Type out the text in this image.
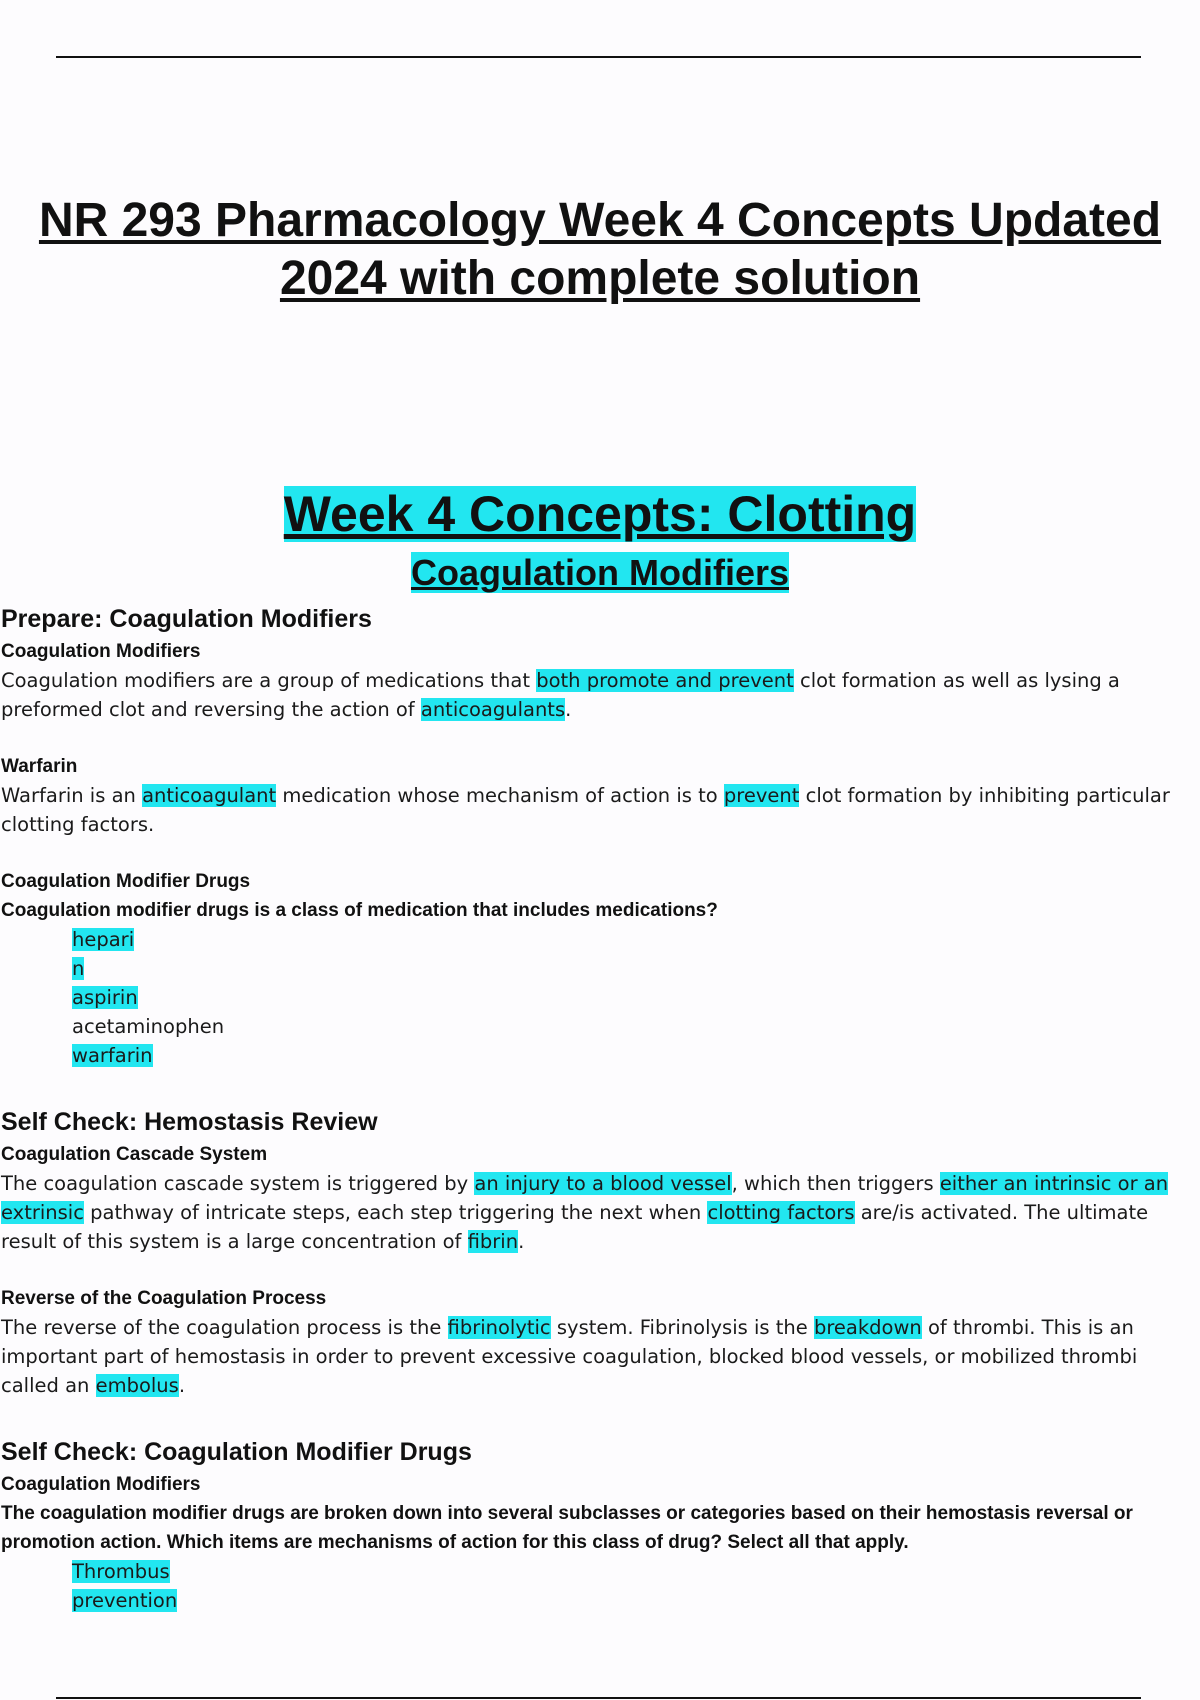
NR 293 Pharmacology Week 4 Concepts Updated
2024 with complete solution
Week 4 Concepts: Clotting
Coagulation Modifiers

Prepare: Coagulation Modifiers

Coagulation Modifiers

Coagulation modifiers are a group of medications that both promote and prevent clot formation as well as lysing a preformed clot and reversing the action of anticoagulants.

Warfarin

Warfarin is an anticoagulant medication whose mechanism of action is to prevent clot formation by inhibiting particular clotting factors.

Coagulation Modifier Drugs

Coagulation modifier drugs is a class of medication that includes medications?

hepari
n
aspirin
acetaminophen
warfarin

Self Check: Hemostasis Review

Coagulation Cascade System

The coagulation cascade system is triggered by an injury to a blood vessel, which then triggers either an intrinsic or an extrinsic pathway of intricate steps, each step triggering the next when clotting factors are/is activated. The ultimate result of this system is a large concentration of fibrin.

Reverse of the Coagulation Process

The reverse of the coagulation process is the fibrinolytic system. Fibrinolysis is the breakdown of thrombi. This is an important part of hemostasis in order to prevent excessive coagulation, blocked blood vessels, or mobilized thrombi called an embolus.

Self Check: Coagulation Modifier Drugs

Coagulation Modifiers

The coagulation modifier drugs are broken down into several subclasses or categories based on their hemostasis reversal or promotion action. Which items are mechanisms of action for this class of drug? Select all that apply.

Thrombus
prevention
